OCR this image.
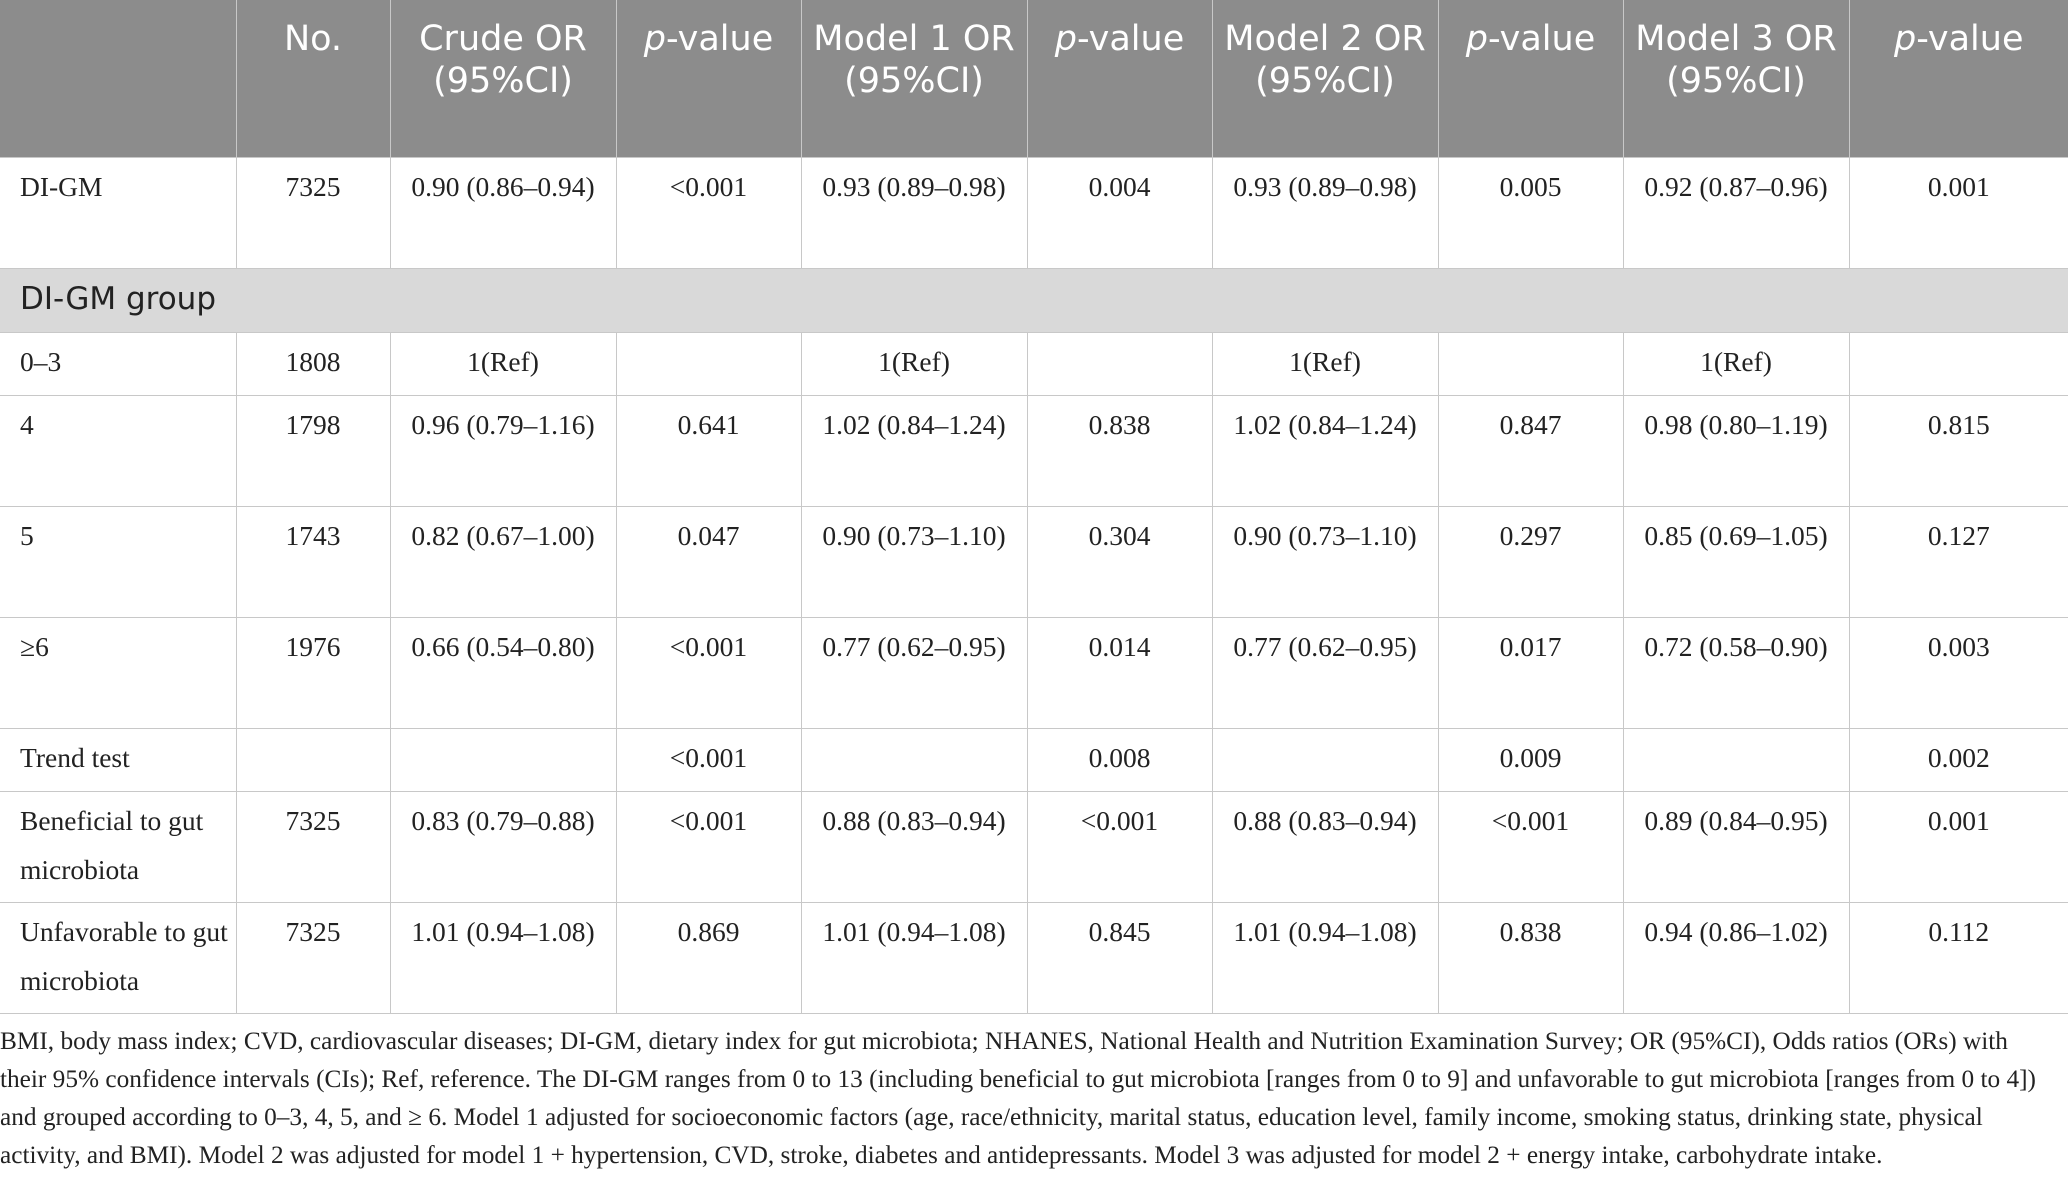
	No.	Crude OR (95%CI)	p-value	Model 1 OR (95%CI)	p-value	Model 2 OR (95%CI)	p-value	Model 3 OR (95%CI)	p-value
DI-GM	7325	0.90 (0.86–0.94)	<0.001	0.93 (0.89–0.98)	0.004	0.93 (0.89–0.98)	0.005	0.92 (0.87–0.96)	0.001
DI-GM group									
0–3	1808	1(Ref)		1(Ref)		1(Ref)		1(Ref)	
4	1798	0.96 (0.79–1.16)	0.641	1.02 (0.84–1.24)	0.838	1.02 (0.84–1.24)	0.847	0.98 (0.80–1.19)	0.815
5	1743	0.82 (0.67–1.00)	0.047	0.90 (0.73–1.10)	0.304	0.90 (0.73–1.10)	0.297	0.85 (0.69–1.05)	0.127
≥6	1976	0.66 (0.54–0.80)	<0.001	0.77 (0.62–0.95)	0.014	0.77 (0.62–0.95)	0.017	0.72 (0.58–0.90)	0.003
Trend test			<0.001		0.008		0.009		0.002
Beneficial to gut microbiota	7325	0.83 (0.79–0.88)	<0.001	0.88 (0.83–0.94)	<0.001	0.88 (0.83–0.94)	<0.001	0.89 (0.84–0.95)	0.001
Unfavorable to gut microbiota	7325	1.01 (0.94–1.08)	0.869	1.01 (0.94–1.08)	0.845	1.01 (0.94–1.08)	0.838	0.94 (0.86–1.02)	0.112
BMI, body mass index; CVD, cardiovascular diseases; DI-GM, dietary index for gut microbiota; NHANES, National Health and Nutrition Examination Survey; OR (95%CI), Odds ratios (ORs) with their 95% confidence intervals (CIs); Ref, reference. The DI-GM ranges from 0 to 13 (including beneficial to gut microbiota [ranges from 0 to 9] and unfavorable to gut microbiota [ranges from 0 to 4]) and grouped according to 0–3, 4, 5, and ≥ 6. Model 1 adjusted for socioeconomic factors (age, race/ethnicity, marital status, education level, family income, smoking status, drinking state, physical activity, and BMI). Model 2 was adjusted for model 1 + hypertension, CVD, stroke, diabetes and antidepressants. Model 3 was adjusted for model 2 + energy intake, carbohydrate intake.
